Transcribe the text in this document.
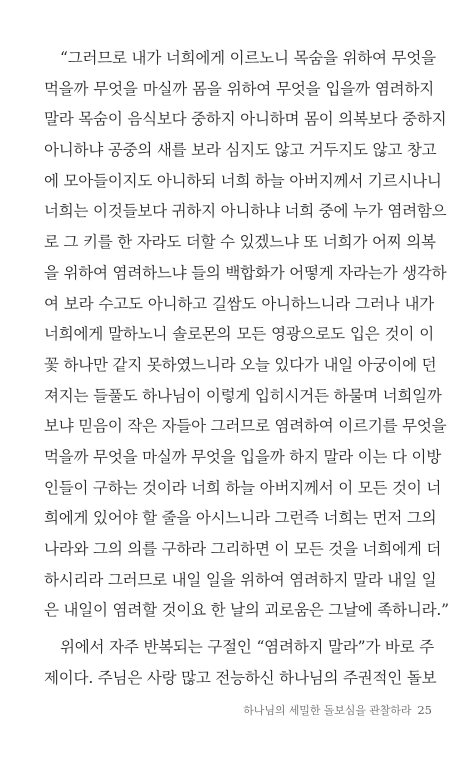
“그러므로 내가 너희에게 이르노니 목숨을 위하여 무엇을
먹을까 무엇을 마실까 몸을 위하여 무엇을 입을까 염려하지
말라 목숨이 음식보다 중하지 아니하며 몸이 의복보다 중하지
아니하냐 공중의 새를 보라 심지도 않고 거두지도 않고 창고
에 모아들이지도 아니하되 너희 하늘 아버지께서 기르시나니
너희는 이것들보다 귀하지 아니하냐 너희 중에 누가 염려함으
로 그 키를 한 자라도 더할 수 있겠느냐 또 너희가 어찌 의복
을 위하여 염려하느냐 들의 백합화가 어떻게 자라는가 생각하
여 보라 수고도 아니하고 길쌈도 아니하느니라 그러나 내가
너희에게 말하노니 솔로몬의 모든 영광으로도 입은 것이 이
꽃 하나만 같지 못하였느니라 오늘 있다가 내일 아궁이에 던
져지는 들풀도 하나님이 이렇게 입히시거든 하물며 너희일까
보냐 믿음이 작은 자들아 그러므로 염려하여 이르기를 무엇을
먹을까 무엇을 마실까 무엇을 입을까 하지 말라 이는 다 이방
인들이 구하는 것이라 너희 하늘 아버지께서 이 모든 것이 너
희에게 있어야 할 줄을 아시느니라 그런즉 너희는 먼저 그의
나라와 그의 의를 구하라 그리하면 이 모든 것을 너희에게 더
하시리라 그러므로 내일 일을 위하여 염려하지 말라 내일 일
은 내일이 염려할 것이요 한 날의 괴로움은 그날에 족하니라.”
위에서 자주 반복되는 구절인 “염려하지 말라”가 바로 주
제이다. 주님은 사랑 많고 전능하신 하나님의 주권적인 돌보
하나님의 세밀한 돌보심을 관찰하라 25
